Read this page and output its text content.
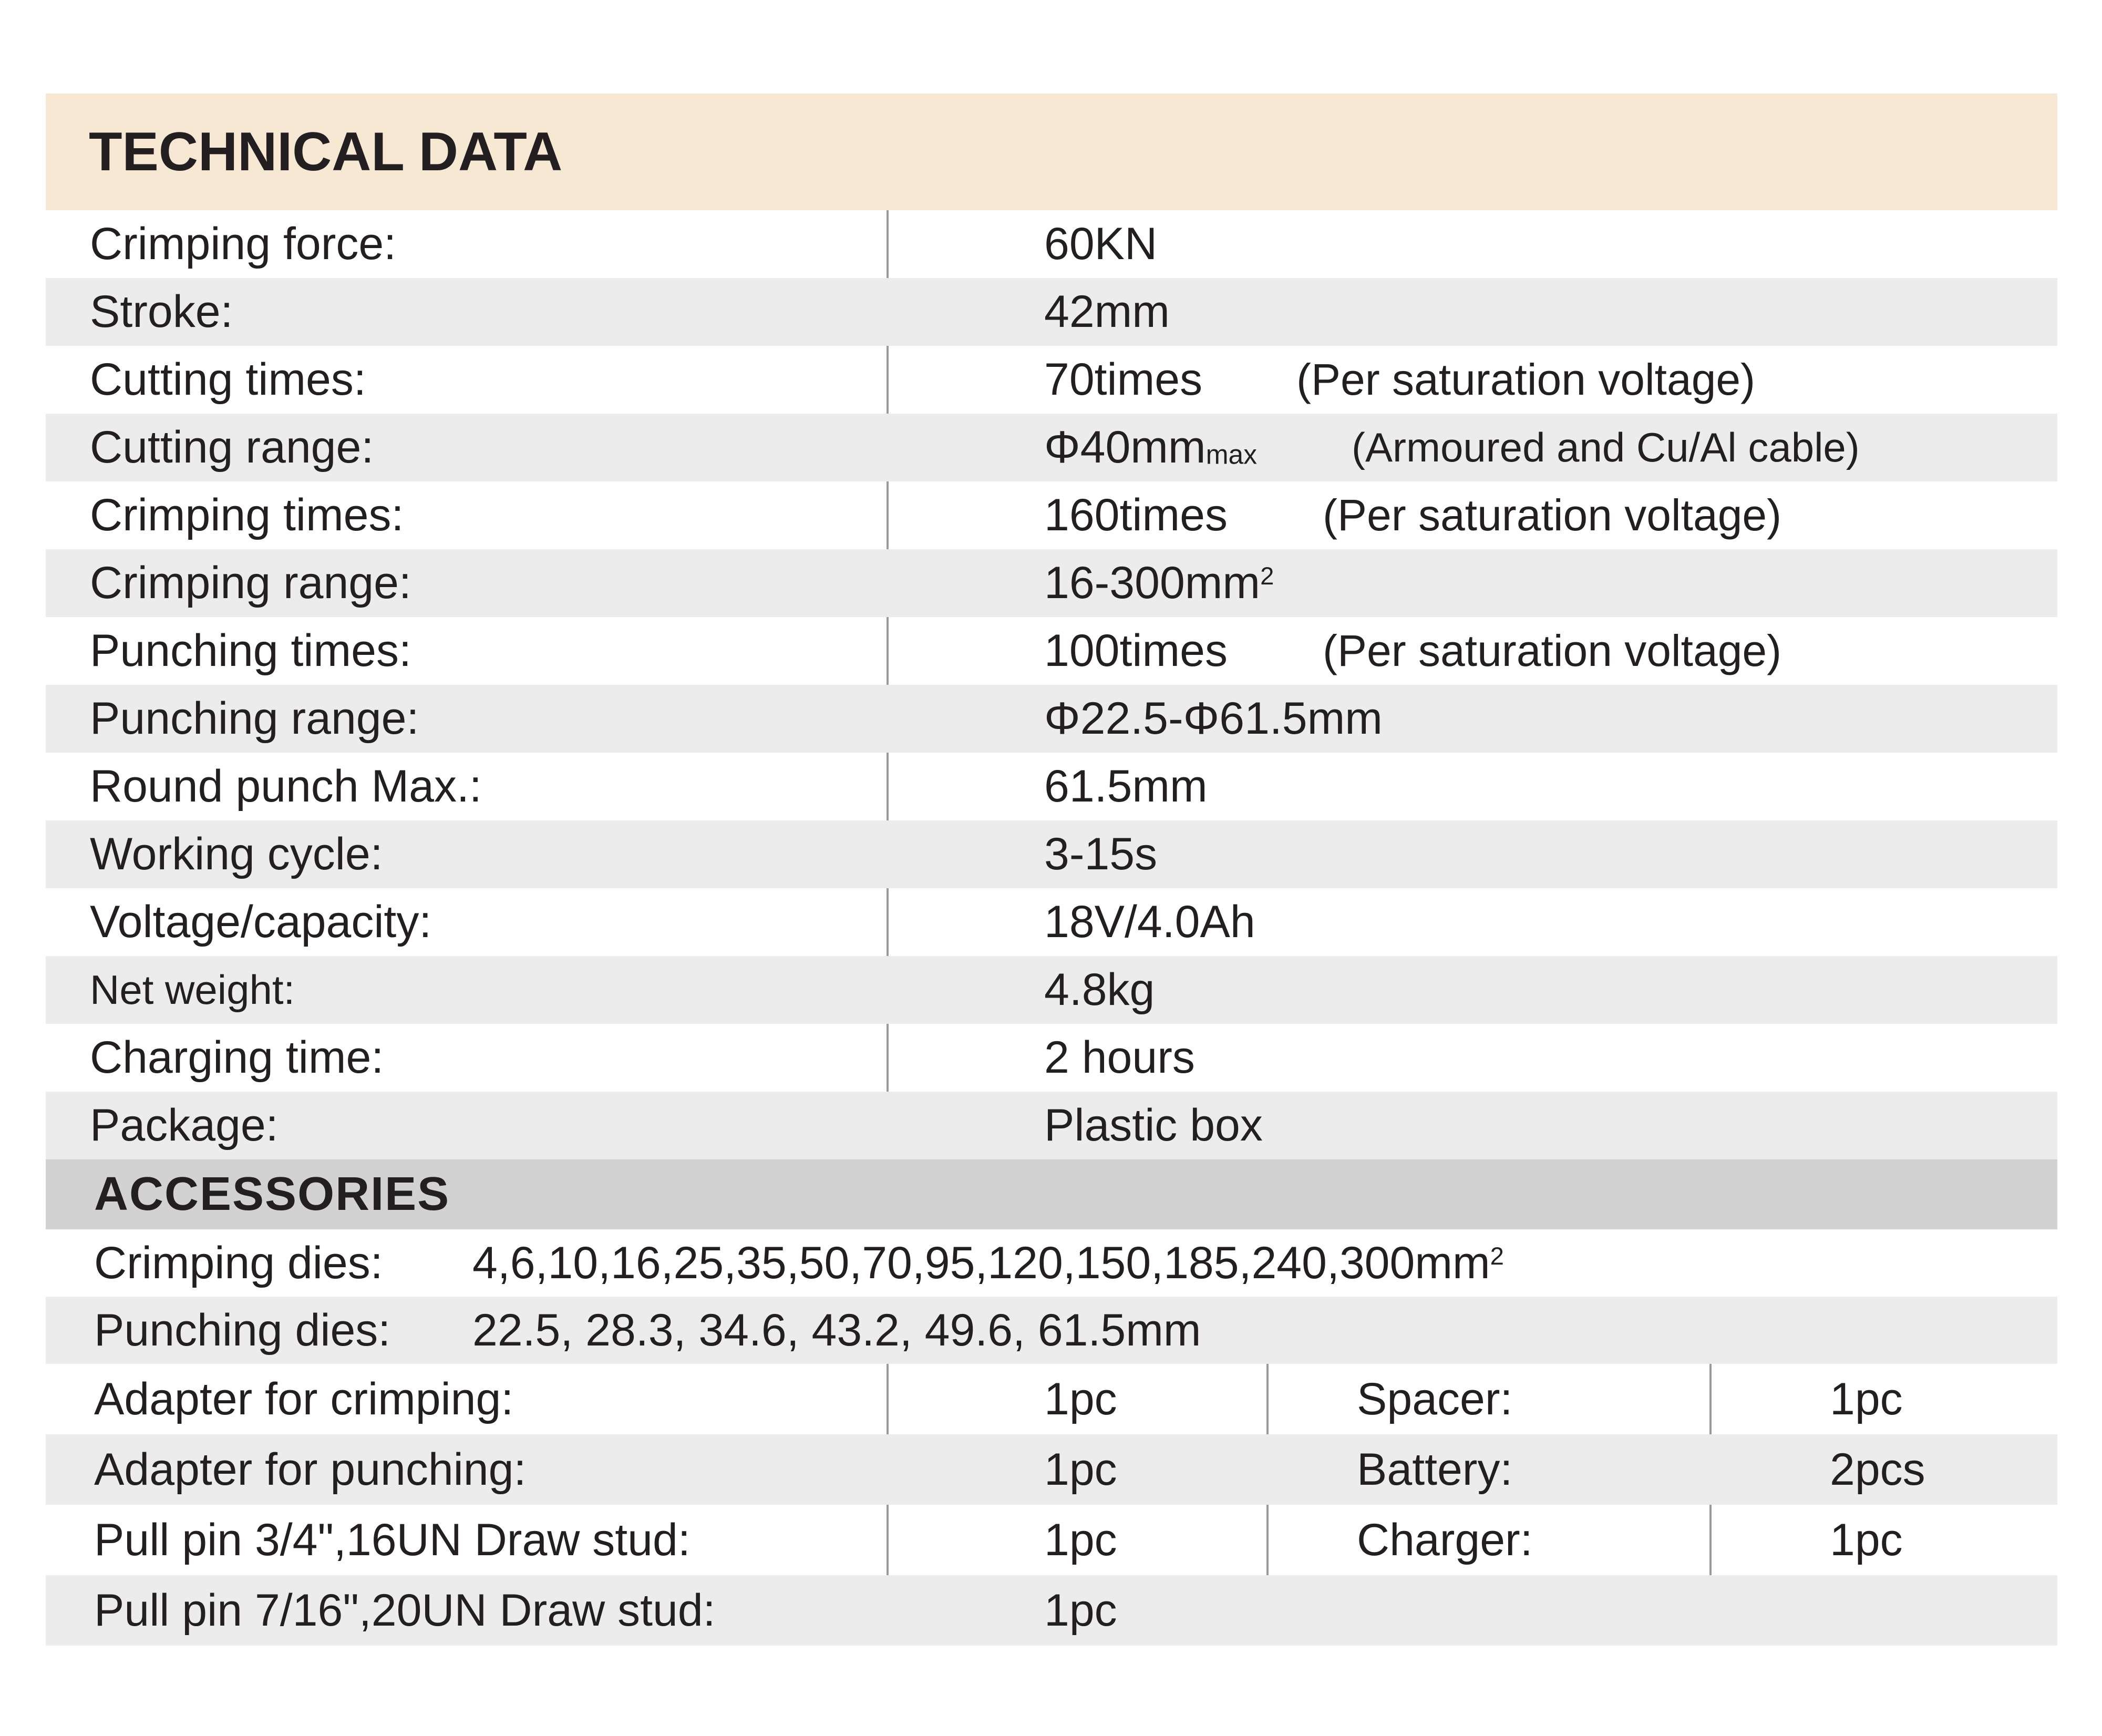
TECHNICAL DATA
Crimping force:	60KN
Stroke:	42mm
Cutting times:	70times (Per saturation voltage)
Cutting range:	$\Phi 40mm_{max}$ (Armoured and Cu/Al cable)
Crimping times:	160times (Per saturation voltage)
Crimping range:	$16-300mm^2$
Punching times:	100times (Per saturation voltage)
Punching range:	Φ22.5-Φ61.5mm
Round punch Max.:	61.5mm
Working cycle:	3-15s
Voltage/capacity:	18V/4.0Ah
Net weight:	4.8kg
Charging time:	2 hours
Package:	Plastic box
ACCESSORIES
Crimping dies: $4,6,10,16,25,35,50,70,95,120,150,185,240,300mm^2$
Punching dies: 22.5, 28.3, 34.6, 43.2, 49.6, 61.5mm
Adapter for crimping:	1pc	Spacer:	1pc
Adapter for punching:	1pc	Battery:	2pcs
Pull pin 3/4",16UN Draw stud:	1pc	Charger:	1pc
Pull pin 7/16",20UN Draw stud:	1pc
